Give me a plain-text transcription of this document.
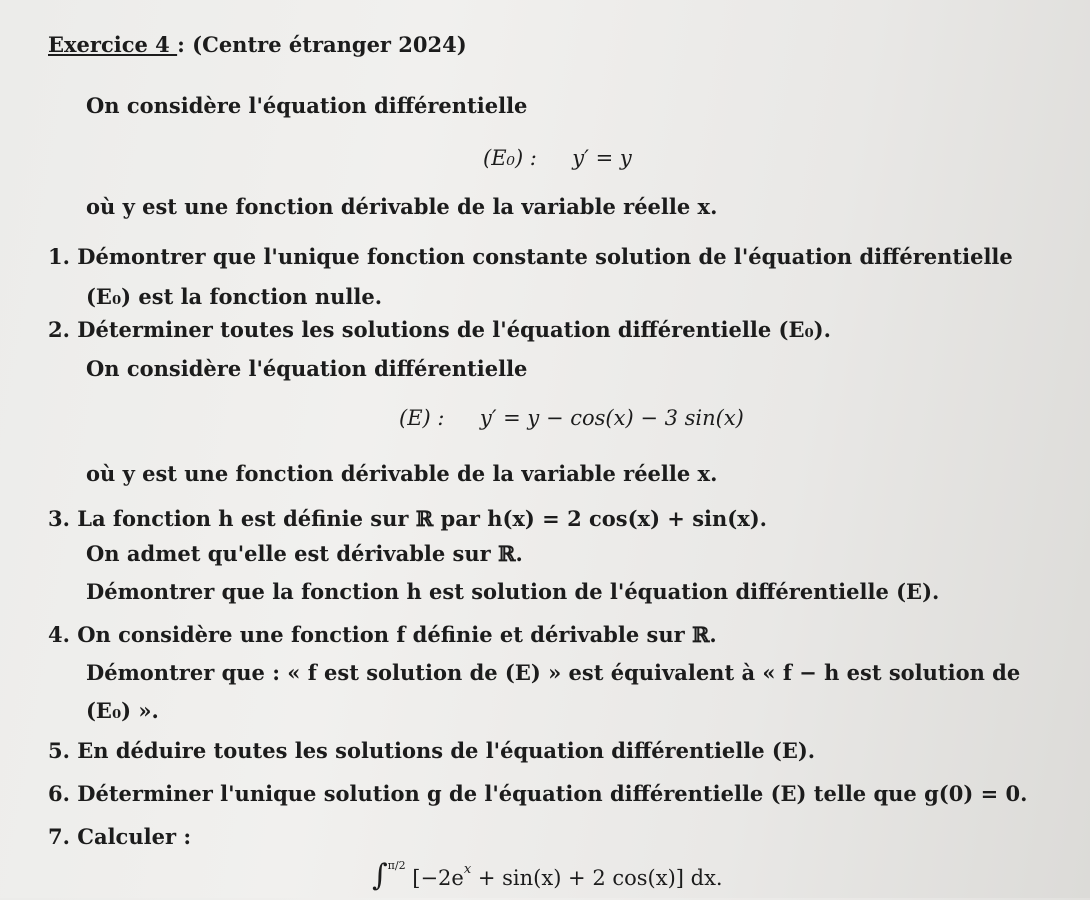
Exercice 4 : (Centre étranger 2024)
On considère l'équation différentielle
(E₀) : y′ = y
où y est une fonction dérivable de la variable réelle x.
1. Démontrer que l'unique fonction constante solution de l'équation différentielle
(E₀) est la fonction nulle.
2. Déterminer toutes les solutions de l'équation différentielle (E₀).
On considère l'équation différentielle
(E) : y′ = y − cos(x) − 3 sin(x)
où y est une fonction dérivable de la variable réelle x.
3. La fonction h est définie sur ℝ par h(x) = 2 cos(x) + sin(x).
On admet qu'elle est dérivable sur ℝ.
Démontrer que la fonction h est solution de l'équation différentielle (E).
4. On considère une fonction f définie et dérivable sur ℝ.
Démontrer que : « f est solution de (E) » est équivalent à « f − h est solution de
(E₀) ».
5. En déduire toutes les solutions de l'équation différentielle (E).
6. Déterminer l'unique solution g de l'équation différentielle (E) telle que g(0) = 0.
7. Calculer :
∫π/2 [$-2e^x + \sin(x) + 2$ cos(x)] dx.
